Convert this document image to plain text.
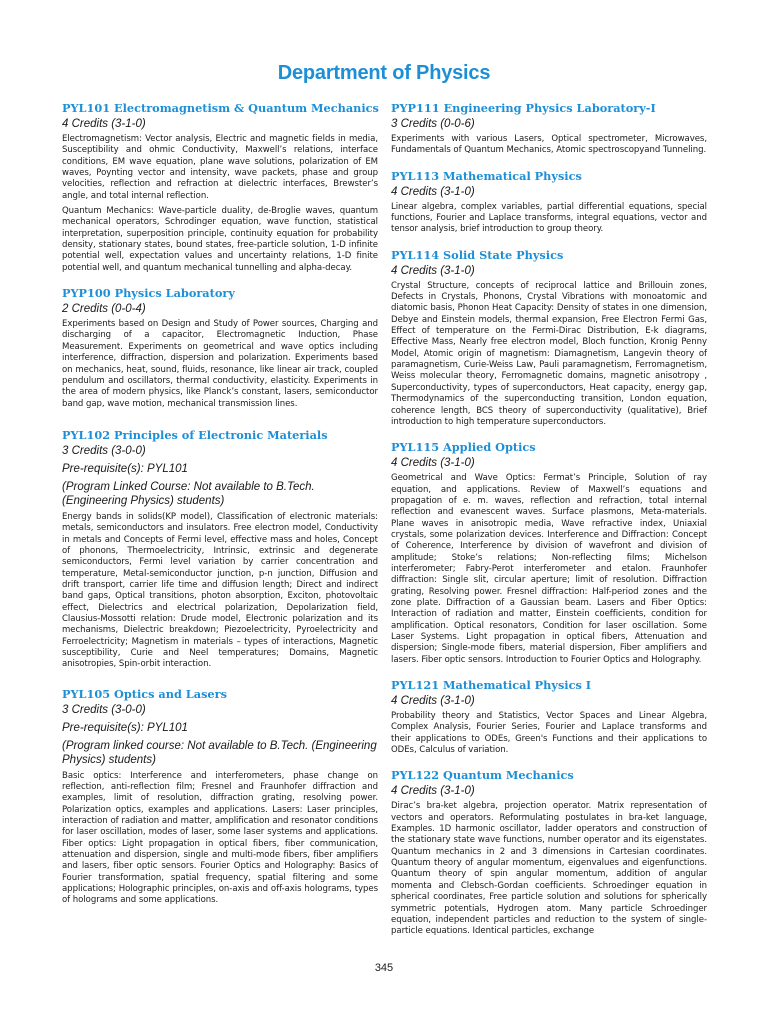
Department of Physics
PYL101 Electromagnetism & Quantum Mechanics
4 Credits (3-1-0)

Electromagnetism: Vector analysis, Electric and magnetic fields in media, Susceptibility and ohmic Conductivity, Maxwell’s relations, interface conditions, EM wave equation, plane wave solutions, polarization of EM waves, Poynting vector and intensity, wave packets, phase and group velocities, reflection and refraction at dielectric interfaces, Brewster’s angle, and total internal reflection.

Quantum Mechanics: Wave-particle duality, de-Broglie waves, quantum mechanical operators, Schrodinger equation, wave function, statistical interpretation, superposition principle, continuity equation for probability density, stationary states, bound states, free-particle solution, 1-D infinite potential well, expectation values and uncertainty relations, 1-D finite potential well, and quantum mechanical tunnelling and alpha-decay.

PYP100 Physics Laboratory
2 Credits (0-0-4)

Experiments based on Design and Study of Power sources, Charging and discharging of a capacitor, Electromagnetic Induction, Phase Measurement. Experiments on geometrical and wave optics including interference, diffraction, dispersion and polarization. Experiments based on mechanics, heat, sound, fluids, resonance, like linear air track, coupled pendulum and oscillators, thermal conductivity, elasticity. Experiments in the area of modern physics, like Planck’s constant, lasers, semiconductor band gap, wave motion, mechanical transmission lines.

PYL102 Principles of Electronic Materials
3 Credits (3-0-0)
Pre-requisite(s): PYL101
(Program Linked Course: Not available to B.Tech. (Engineering Physics) students)

Energy bands in solids(KP model), Classification of electronic materials: metals, semiconductors and insulators. Free electron model, Conductivity in metals and Concepts of Fermi level, effective mass and holes, Concept of phonons, Thermoelectricity, Intrinsic, extrinsic and degenerate semiconductors, Fermi level variation by carrier concentration and temperature, Metal-semiconductor junction, p-n junction, Diffusion and drift transport, carrier life time and diffusion length; Direct and indirect band gaps, Optical transitions, photon absorption, Exciton, photovoltaic effect, Dielectrics and electrical polarization, Depolarization field, Clausius-Mossotti relation: Drude model, Electronic polarization and its mechanisms, Dielectric breakdown; Piezoelectricity, Pyroelectricity and Ferroelectricity; Magnetism in materials – types of interactions, Magnetic susceptibility, Curie and Neel temperatures; Domains, Magnetic anisotropies, Spin-orbit interaction.

PYL105 Optics and Lasers
3 Credits (3-0-0)
Pre-requisite(s): PYL101
(Program linked course: Not available to B.Tech. (Engineering Physics) students)

Basic optics: Interference and interferometers, phase change on reflection, anti-reflection film; Fresnel and Fraunhofer diffraction and examples, limit of resolution, diffraction grating, resolving power. Polarization optics, examples and applications. Lasers: Laser principles, interaction of radiation and matter, amplification and resonator conditions for laser oscillation, modes of laser, some laser systems and applications. Fiber optics: Light propagation in optical fibers, fiber communication, attenuation and dispersion, single and multi-mode fibers, fiber amplifiers and lasers, fiber optic sensors. Fourier Optics and Holography: Basics of Fourier transformation, spatial frequency, spatial filtering and some applications; Holographic principles, on-axis and off-axis holograms, types of holograms and some applications.

PYP111 Engineering Physics Laboratory-I
3 Credits (0-0-6)

Experiments with various Lasers, Optical spectrometer, Microwaves, Fundamentals of Quantum Mechanics, Atomic spectroscopyand Tunneling.

PYL113 Mathematical Physics
4 Credits (3-1-0)

Linear algebra, complex variables, partial differential equations, special functions, Fourier and Laplace transforms, integral equations, vector and tensor analysis, brief introduction to group theory.

PYL114 Solid State Physics
4 Credits (3-1-0)

Crystal Structure, concepts of reciprocal lattice and Brillouin zones, Defects in Crystals, Phonons, Crystal Vibrations with monoatomic and diatomic basis, Phonon Heat Capacity: Density of states in one dimension, Debye and Einstein models, thermal expansion, Free Electron Fermi Gas, Effect of temperature on the Fermi-Dirac Distribution, E-k diagrams, Effective Mass, Nearly free electron model, Bloch function, Kronig Penny Model, Atomic origin of magnetism: Diamagnetism, Langevin theory of paramagnetism, Curie-Weiss Law, Pauli paramagnetism, Ferromagnetism, Weiss molecular theory, Ferromagnetic domains, magnetic anisotropy , Superconductivity, types of superconductors, Heat capacity, energy gap, Thermodynamics of the superconducting transition, London equation, coherence length, BCS theory of superconductivity (qualitative), Brief introduction to high temperature superconductors.

PYL115 Applied Optics
4 Credits (3-1-0)

Geometrical and Wave Optics: Fermat’s Principle, Solution of ray equation, and applications. Review of Maxwell’s equations and propagation of e. m. waves, reflection and refraction, total internal reflection and evanescent waves. Surface plasmons, Meta-materials. Plane waves in anisotropic media, Wave refractive index, Uniaxial crystals, some polarization devices. Interference and Diffraction: Concept of Coherence, Interference by division of wavefront and division of amplitude; Stoke’s relations; Non-reflecting films; Michelson interferometer; Fabry-Perot interferometer and etalon. Fraunhofer diffraction: Single slit, circular aperture; limit of resolution. Diffraction grating, Resolving power. Fresnel diffraction: Half-period zones and the zone plate. Diffraction of a Gaussian beam. Lasers and Fiber Optics: Interaction of radiation and matter, Einstein coefficients, condition for amplification. Optical resonators, Condition for laser oscillation. Some Laser Systems. Light propagation in optical fibers, Attenuation and dispersion; Single-mode fibers, material dispersion, Fiber amplifiers and lasers. Fiber optic sensors. Introduction to Fourier Optics and Holography.

PYL121 Mathematical Physics I
4 Credits (3-1-0)

Probability theory and Statistics, Vector Spaces and Linear Algebra, Complex Analysis, Fourier Series, Fourier and Laplace transforms and their applications to ODEs, Green's Functions and their applications to ODEs, Calculus of variation.

PYL122 Quantum Mechanics
4 Credits (3-1-0)

Dirac’s bra-ket algebra, projection operator. Matrix representation of vectors and operators. Reformulating postulates in bra-ket language, Examples. 1D harmonic oscillator, ladder operators and construction of the stationary state wave functions, number operator and its eigenstates. Quantum mechanics in 2 and 3 dimensions in Cartesian coordinates. Quantum theory of angular momentum, eigenvalues and eigenfunctions. Quantum theory of spin angular momentum, addition of angular momenta and Clebsch-Gordan coefficients. Schroedinger equation in spherical coordinates, Free particle solution and solutions for spherically symmetric potentials, Hydrogen atom. Many particle Schroedinger equation, independent particles and reduction to the system of single-particle equations. Identical particles, exchange

345
